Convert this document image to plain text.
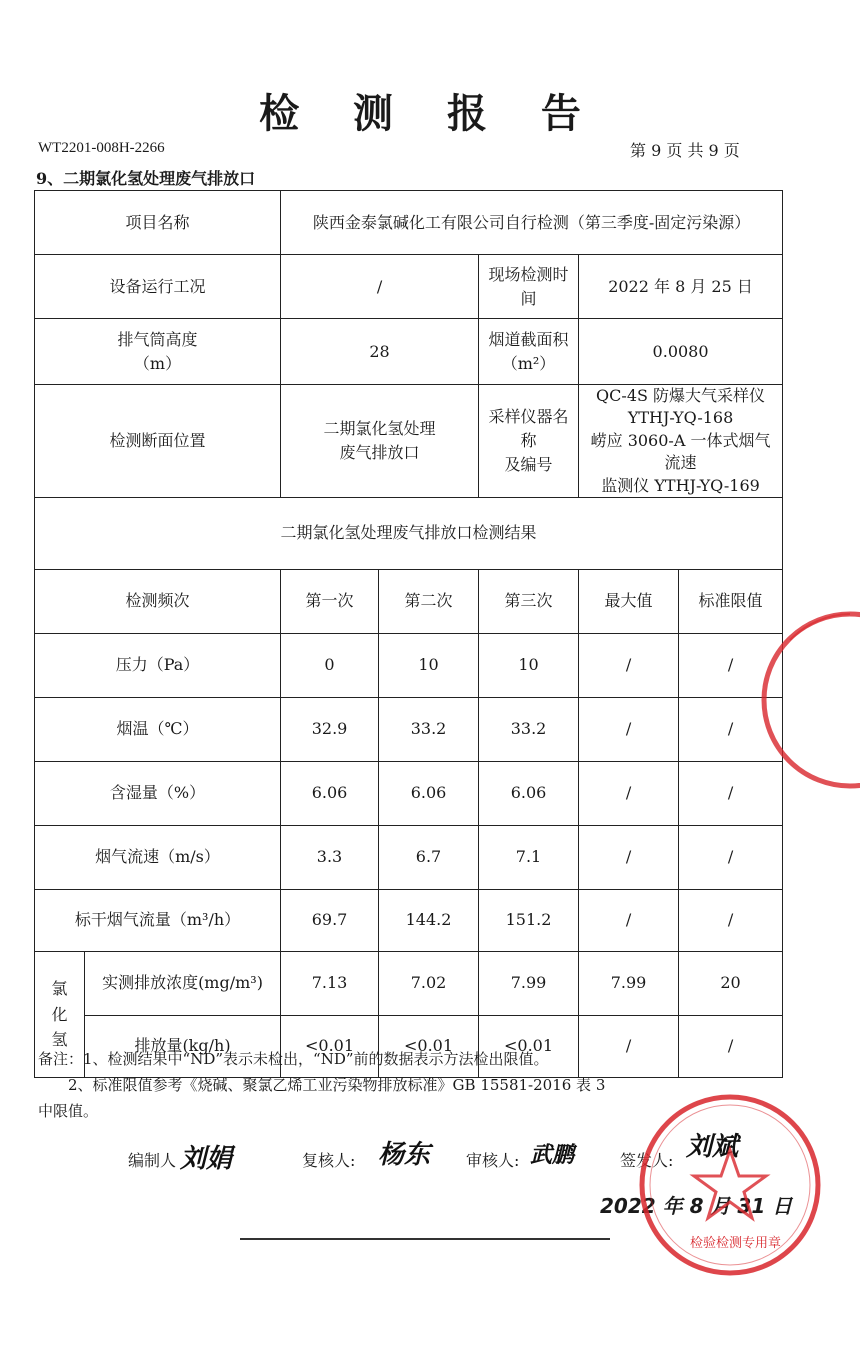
检 测 报 告
WT2201-008H-2266	第 9 页 共 9 页
9、二期氯化氢处理废气排放口
项目名称		陕西金泰氯碱化工有限公司自行检测（第三季度-固定污染源）				
设备运行工况		/		现场检测时间	2022 年 8 月 25 日	
排气筒高度
（m）		28		烟道截面积（m²）	0.0080	
检测断面位置		二期氯化氢处理
废气排放口		采样仪器名称
及编号	QC-4S 防爆大气采样仪
YTHJ-YQ-168
崂应 3060-A 一体式烟气流速
监测仪 YTHJ-YQ-169	
二期氯化氢处理废气排放口检测结果						
检测频次		第一次	第二次	第三次	最大值	标准限值
压力（Pa）		0	10	10	/	/
烟温（℃）		32.9	33.2	33.2	/	/
含湿量（%）		6.06	6.06	6.06	/	/
烟气流速（m/s）		3.3	6.7	7.1	/	/
标干烟气流量（m³/h）		69.7	144.2	151.2	/	/
氯
化
氢	实测排放浓度(mg/m³)	7.13	7.02	7.99	7.99	20
	排放量(kg/h)	<0.01	<0.01	<0.01	/	/

备注：1、检测结果中“ND”表示未检出，“ND”前的数据表示方法检出限值。

　　2、标准限值参考《烧碱、聚氯乙烯工业污染物排放标准》GB 15581-2016 表 3

中限值。

编制人 刘娟	复核人: 杨东 审核人: 武鹏	签发人: 刘斌
2022 年 8 月 31 日
检验检测专用章
